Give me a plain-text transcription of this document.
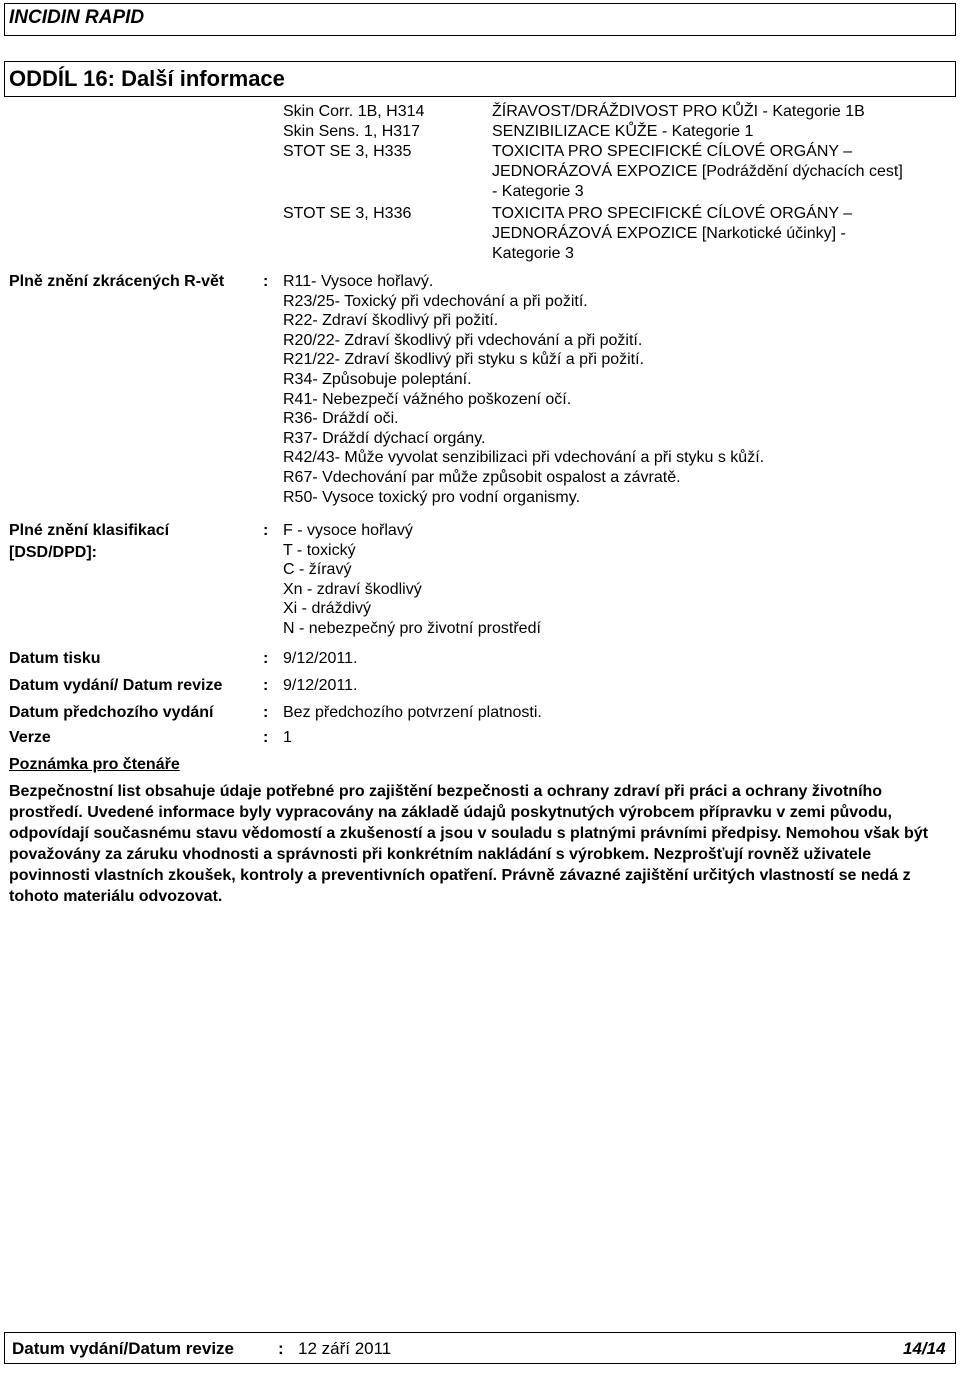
INCIDIN RAPID
ODDÍL 16: Další informace
Skin Corr. 1B, H314	ŽÍRAVOST/DRÁŽDIVOST PRO KŮŽI - Kategorie 1B
Skin Sens. 1, H317	SENZIBILIZACE KŮŽE - Kategorie 1
STOT SE 3, H335	TOXICITA PRO SPECIFICKÉ CÍLOVÉ ORGÁNY –
JEDNORÁZOVÁ EXPOZICE [Podráždění dýchacích cest]
- Kategorie 3
STOT SE 3, H336	TOXICITA PRO SPECIFICKÉ CÍLOVÉ ORGÁNY –
JEDNORÁZOVÁ EXPOZICE [Narkotické účinky] -
Kategorie 3
Plně znění zkrácených R-vět : R11- Vysoce hořlavý.
R23/25- Toxický při vdechování a při požití.
R22- Zdraví škodlivý při požití.
R20/22- Zdraví škodlivý při vdechování a při požití.
R21/22- Zdraví škodlivý při styku s kůží a při požití.
R34- Způsobuje poleptání.
R41- Nebezpečí vážného poškození očí.
R36- Dráždí oči.
R37- Dráždí dýchací orgány.
R42/43- Může vyvolat senzibilizaci při vdechování a při styku s kůží.
R67- Vdechování par může způsobit ospalost a závratě.
R50- Vysoce toxický pro vodní organismy.
Plné znění klasifikací
[DSD/DPD]:
: F - vysoce hořlavý
T - toxický
C - žíravý
Xn - zdraví škodlivý
Xi - dráždivý
N - nebezpečný pro životní prostředí
Datum tisku	: 9/12/2011.
Datum vydání/ Datum revize	: 9/12/2011.
Datum předchozího vydání	: Bez předchozího potvrzení platnosti.
Verze	: 1
Poznámka pro čtenáře
Bezpečnostní list obsahuje údaje potřebné pro zajištění bezpečnosti a ochrany zdraví při práci a ochrany životního prostředí. Uvedené informace byly vypracovány na základě údajů poskytnutých výrobcem přípravku v zemi původu, odpovídají současnému stavu vědomostí a zkušeností a jsou v souladu s platnými právními předpisy. Nemohou však být považovány za záruku vhodnosti a správnosti při konkrétním nakládání s výrobkem. Nezprošťují rovněž uživatele povinnosti vlastních zkoušek, kontroly a preventivních opatření. Právně závazné zajištění určitých vlastností se nedá z tohoto materiálu odvozovat.
Datum vydání/Datum revize	: 12 září 2011	14/14
